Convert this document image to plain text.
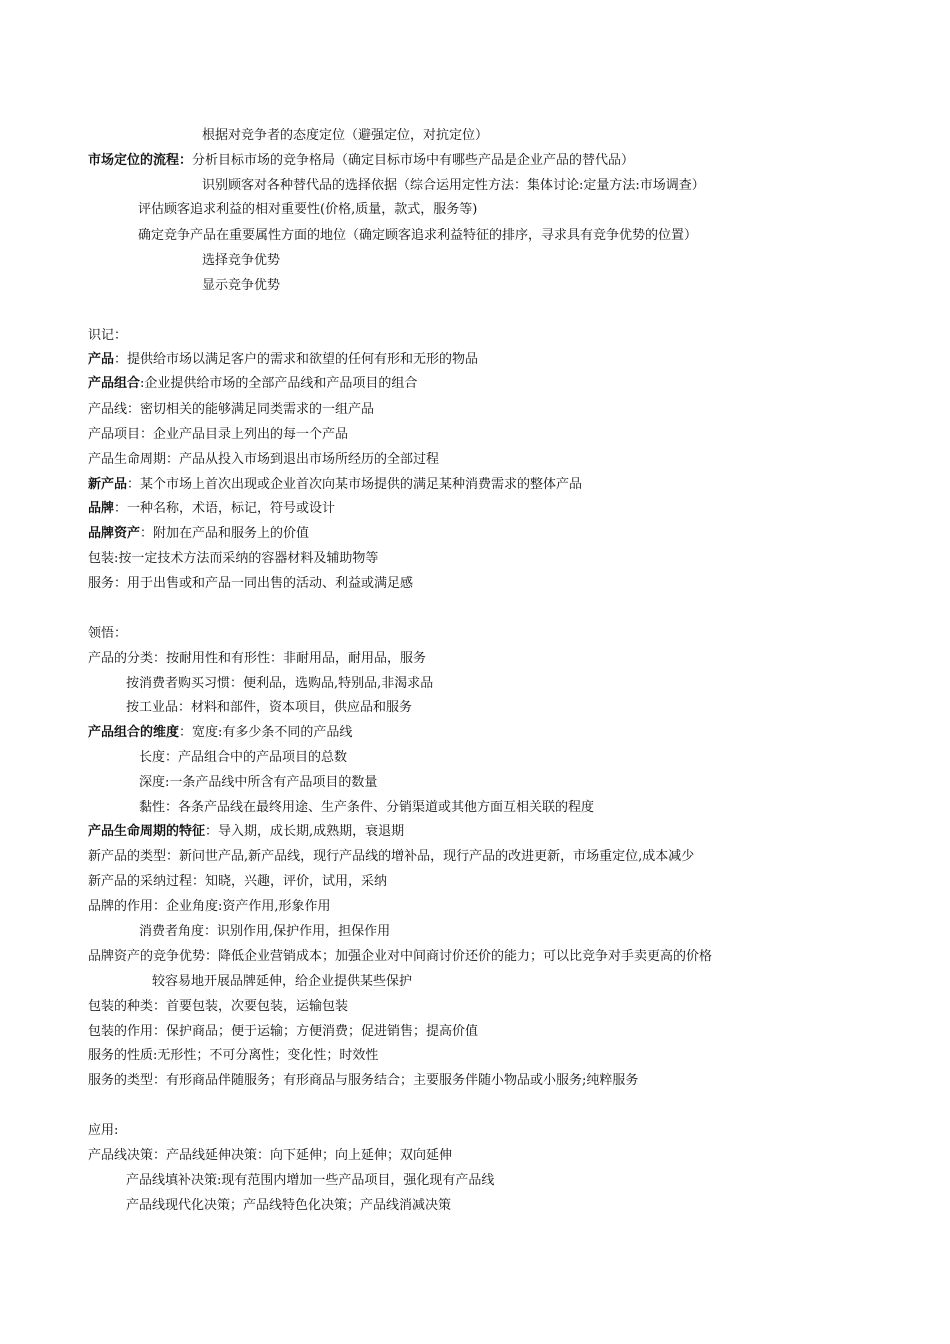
根据对竞争者的态度定位（避强定位，对抗定位）
市场定位的流程：分析目标市场的竞争格局（确定目标市场中有哪些产品是企业产品的替代品）
识别顾客对各种替代品的选择依据（综合运用定性方法：集体讨论:定量方法:市场调查）
评估顾客追求利益的相对重要性(价格,质量，款式，服务等)
确定竞争产品在重要属性方面的地位（确定顾客追求利益特征的排序，寻求具有竞争优势的位置）
选择竞争优势
显示竞争优势
识记：
产品：提供给市场以满足客户的需求和欲望的任何有形和无形的物品
产品组合:企业提供给市场的全部产品线和产品项目的组合
产品线：密切相关的能够满足同类需求的一组产品
产品项目：企业产品目录上列出的每一个产品
产品生命周期：产品从投入市场到退出市场所经历的全部过程
新产品：某个市场上首次出现或企业首次向某市场提供的满足某种消费需求的整体产品
品牌：一种名称，术语，标记，符号或设计
品牌资产：附加在产品和服务上的价值
包装:按一定技术方法而采纳的容器材料及辅助物等
服务：用于出售或和产品一同出售的活动、利益或满足感
领悟：
产品的分类：按耐用性和有形性：非耐用品，耐用品，服务
按消费者购买习惯：便利品，选购品,特别品,非渴求品
按工业品：材料和部件，资本项目，供应品和服务
产品组合的维度：宽度:有多少条不同的产品线
长度：产品组合中的产品项目的总数
深度:一条产品线中所含有产品项目的数量
黏性：各条产品线在最终用途、生产条件、分销渠道或其他方面互相关联的程度
产品生命周期的特征：导入期，成长期,成熟期，衰退期
新产品的类型：新问世产品,新产品线，现行产品线的增补品，现行产品的改进更新，市场重定位,成本减少
新产品的采纳过程：知晓，兴趣，评价，试用，采纳
品牌的作用：企业角度:资产作用,形象作用
消费者角度：识别作用,保护作用，担保作用
品牌资产的竞争优势：降低企业营销成本；加强企业对中间商讨价还价的能力；可以比竞争对手卖更高的价格
较容易地开展品牌延伸，给企业提供某些保护
包装的种类：首要包装，次要包装，运输包装
包装的作用：保护商品；便于运输；方便消费；促进销售；提高价值
服务的性质:无形性；不可分离性；变化性；时效性
服务的类型：有形商品伴随服务；有形商品与服务结合；主要服务伴随小物品或小服务;纯粹服务
应用:
产品线决策：产品线延伸决策：向下延伸；向上延伸；双向延伸
产品线填补决策:现有范围内增加一些产品项目，强化现有产品线
产品线现代化决策；产品线特色化决策；产品线消减决策
